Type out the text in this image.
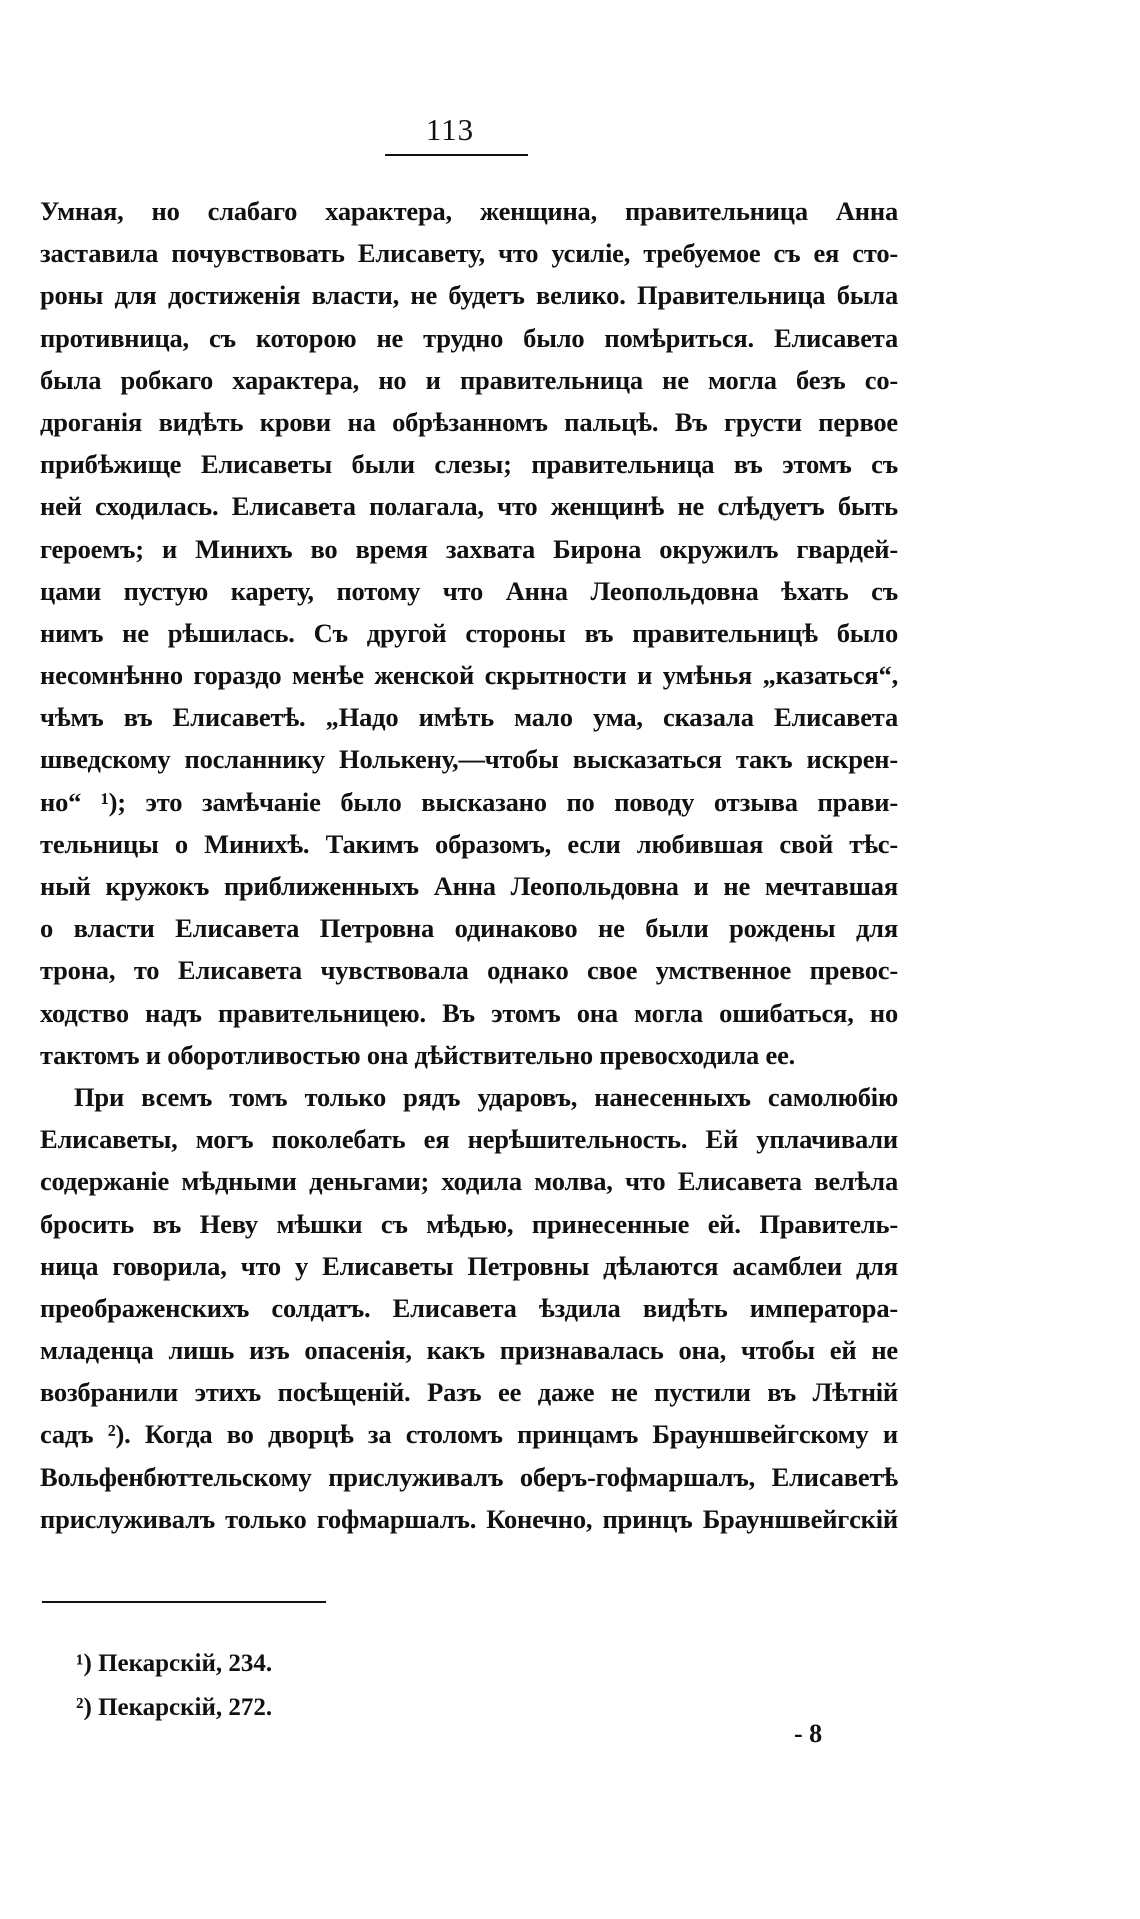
113
Умная, но слабаго характера, женщина, правительница Анна
заставила почувствовать Елисавету, что усиліе, требуемое съ ея сто-
роны для достиженія власти, не будетъ велико. Правительница была
противница, съ которою не трудно было помѣриться. Елисавета
была робкаго характера, но и правительница не могла безъ со-
дроганія видѣть крови на обрѣзанномъ пальцѣ. Въ грусти первое
прибѣжище Елисаветы были слезы; правительница въ этомъ съ
ней сходилась. Елисавета полагала, что женщинѣ не слѣдуетъ быть
героемъ; и Минихъ во время захвата Бирона окружилъ гвардей-
цами пустую карету, потому что Анна Леопольдовна ѣхать съ
нимъ не рѣшилась. Съ другой стороны въ правительницѣ было
несомнѣнно гораздо менѣе женской скрытности и умѣнья „казаться“,
чѣмъ въ Елисаветѣ. „Надо имѣть мало ума, сказала Елисавета
шведскому посланнику Нолькену,—чтобы высказаться такъ искрен-
но“ ¹); это замѣчаніе было высказано по поводу отзыва прави-
тельницы о Минихѣ. Такимъ образомъ, если любившая свой тѣс-
ный кружокъ приближенныхъ Анна Леопольдовна и не мечтавшая
о власти Елисавета Петровна одинаково не были рождены для
трона, то Елисавета чувствовала однако свое умственное превос-
ходство надъ правительницею. Въ этомъ она могла ошибаться, но
тактомъ и оборотливостью она дѣйствительно превосходила ее.
При всемъ томъ только рядъ ударовъ, нанесенныхъ самолюбію
Елисаветы, могъ поколебать ея нерѣшительность. Ей уплачивали
содержаніе мѣдными деньгами; ходила молва, что Елисавета велѣла
бросить въ Неву мѣшки съ мѣдью, принесенные ей. Правитель-
ница говорила, что у Елисаветы Петровны дѣлаются асамблеи для
преображенскихъ солдатъ. Елисавета ѣздила видѣть императора-
младенца лишь изъ опасенія, какъ признавалась она, чтобы ей не
возбранили этихъ посѣщеній. Разъ ее даже не пустили въ Лѣтній
садъ ²). Когда во дворцѣ за столомъ принцамъ Брауншвейгскому и
Вольфенбюттельскому прислуживалъ оберъ-гофмаршалъ, Елисаветѣ
прислуживалъ только гофмаршалъ. Конечно, принцъ Брауншвейгскій
¹) Пекарскій, 234.
²) Пекарскій, 272.
- 8
